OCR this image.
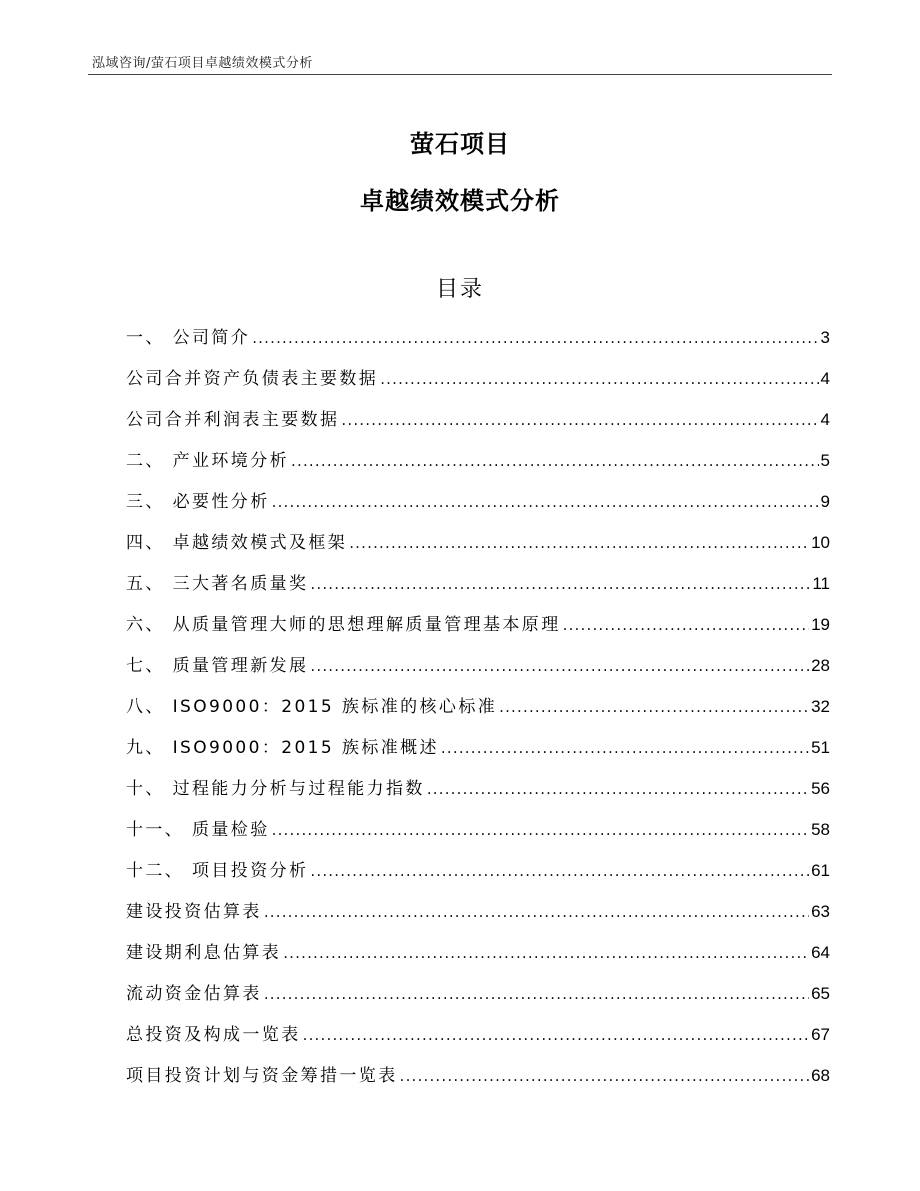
泓域咨询/萤石项目卓越绩效模式分析
萤石项目
卓越绩效模式分析
目录
一、 公司简介 .....	3
公司合并资产负债表主要数据 .....	4
公司合并利润表主要数据 .....	4
二、 产业环境分析 .....	5
三、 必要性分析 .....	9
四、 卓越绩效模式及框架 .....	10
五、 三大著名质量奖 .....	11
六、 从质量管理大师的思想理解质量管理基本原理 .....	19
七、 质量管理新发展 .....	28
八、 ISO9000：2015 族标准的核心标准 .....	32
九、 ISO9000：2015 族标准概述 .....	51
十、 过程能力分析与过程能力指数 .....	56
十一、 质量检验 .....	58
十二、 项目投资分析 .....	61
建设投资估算表 .....	63
建设期利息估算表 .....	64
流动资金估算表 .....	65
总投资及构成一览表 .....	67
项目投资计划与资金筹措一览表 .....	68
